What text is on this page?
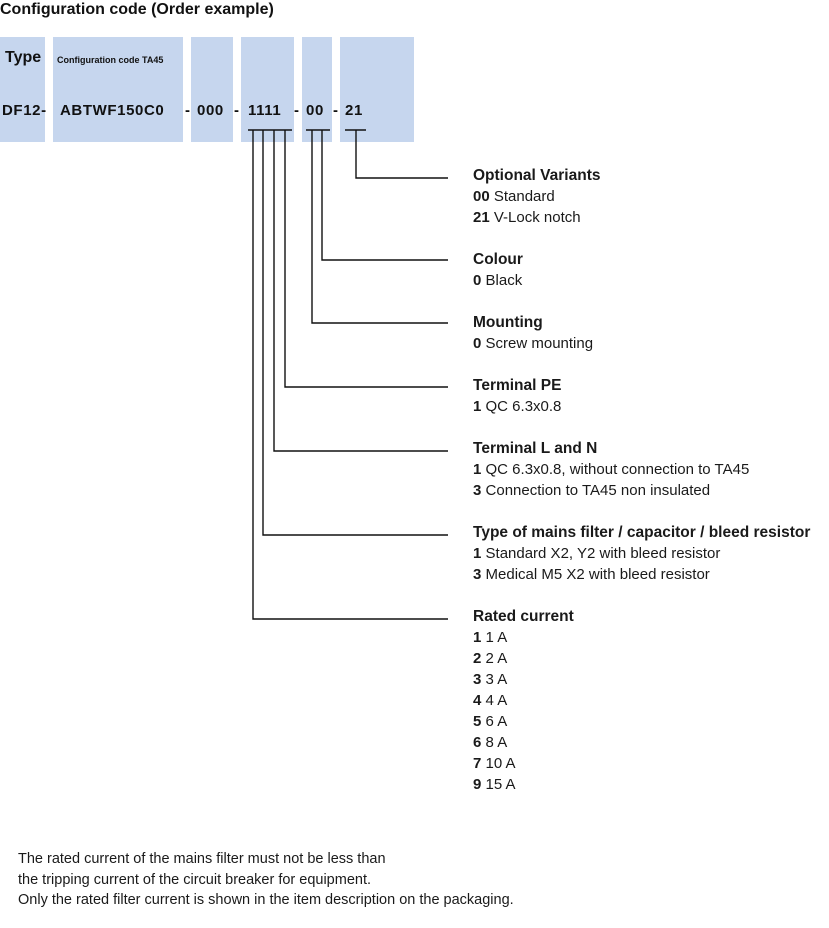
Configuration code (Order example)
Type Configuration code TA45
DF12- ABTWF150C0 - 000 - 1111 - 00 - 21
Optional Variants
00 Standard
21 V-Lock notch
Colour
0 Black
Mounting
0 Screw mounting
Terminal PE
1 QC 6.3x0.8
Terminal L and N
1 QC 6.3x0.8, without connection to TA45
3 Connection to TA45 non insulated
Type of mains filter / capacitor / bleed resistor
1 Standard X2, Y2 with bleed resistor
3 Medical M5 X2 with bleed resistor
Rated current
1 1 A
2 2 A
3 3 A
4 4 A
5 6 A
6 8 A
7 10 A
9 15 A
The rated current of the mains filter must not be less than
the tripping current of the circuit breaker for equipment.
Only the rated filter current is shown in the item description on the packaging.
